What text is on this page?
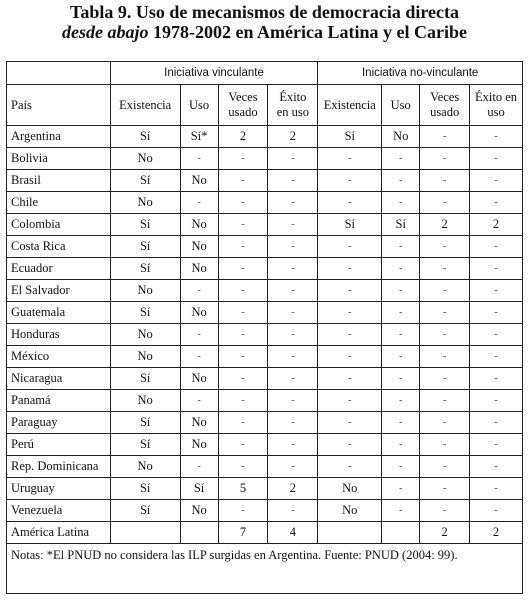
Tabla 9. Uso de mecanismos de democracia directa
desde abajo 1978-2002 en América Latina y el Caribe
	Iniciativa vinculante				Iniciativa no-vinculante			
País	Existencia	Uso	Veces usado	Éxito en uso	Existencia	Uso	Veces usado	Éxito en uso
Argentina	Sí	Sí*	2	2	Sí	No	-	-
Bolivia	No	-	-	-	-	-	-	-
Brasil	Sí	No	-	-	-	-	-	-
Chile	No	-	-	-	-	-	-	-
Colombia	Sí	No	-	-	Sí	Sí	2	2
Costa Rica	Sí	No	-	-	-	-	-	-
Ecuador	Sí	No	-	-	-	-	-	-
El Salvador	No	-	-	-	-	-	-	-
Guatemala	Sí	No	-	-	-	-	-	-
Honduras	No	-	-	-	-	-	-	-
México	No	-	-	-	-	-	-	-
Nicaragua	Sí	No	-	-	-	-	-	-
Panamá	No	-	-	-	-	-	-	-
Paraguay	Sí	No	-	-	-	-	-	-
Perú	Sí	No	-	-	-	-	-	-
Rep. Dominicana	No	-	-	-	-	-	-	-
Uruguay	Sí	Sí	5	2	No	-	-	-
Venezuela	Sí	No	-	-	No	-	-	-
América Latina			7	4			2	2
Notas: *El PNUD no considera las ILP surgidas en Argentina. Fuente: PNUD (2004: 99).								
